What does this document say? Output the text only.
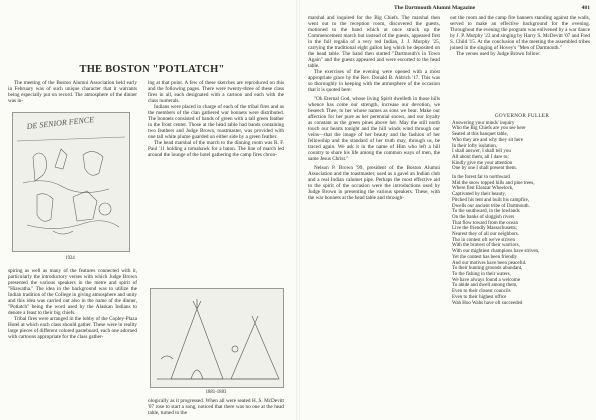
The Dartmouth Alumni Magazine	481
THE BOSTON "POTLATCH"

The meeting of the Boston Alumni Association held early in February was of such unique character that it warrants being especially put on record. The atmosphere of the dinner was in-

DE SENIOR FENCE
1924

spiring as well as many of the features connected with it, particularly the introductory verses with which Judge Brown presented the various speakers in the metre and spirit of "Hiawatha." The idea in the background was to utilize the Indian tradition of the College in giving atmosphere and unity and this idea was carried out also in the name of the dinner, "Potlatch" being the word used by the Alaskan Indians to denote a feast to their big chiefs.

Tribal fires were arranged in the lobby of the Copley-Plaza Hotel at which each class should gather. These were in reality large pieces of different colored pasteboard, each one adorned with cartoons appropriate for the class gather-

ing at that point. A few of these sketches are reproduced on this and the following pages. There were twenty-three of these class fires in all, each designated with a cartoon and each with the class numerals.

Indians were placed in charge of each of the tribal fires and as the members of the clan gathered war bonnets were distributed. The bonnets consisted of bands of green with a tall green feather in the front center. Those at the head table had bands containing two feathers and Judge Brown, toastmaster, was provided with one tall white plume guarded on either side by a green feather.

The head marshal of the march to the dinning room was R. F. Paul '11 holding a tomahawk for a baton. The line of march led around the lounge of the hotel gathering the camp fires chron-

1881-1883

ologically as it progressed. When all were seated H. S. McDevitt '07 rose to start a song, noticed that there was no one at the head table, turned to the

marshal and inquired for the Big Chiefs. The marshal then went out to the reception room, discovered the guests, motioned to the band which at once struck up the Commencement march but instead of the guests, appeared first in the full regalia of a very red Indian, J. J. Murphy '25, carrying the traditional eight gallon keg which he deposited on the head table. The band then started "Dartmouth's in Town Again" and the guests appeared and were escorted to the head table.

The exercises of the evening were opened with a most appropriate grace by the Rev. Donald B. Aldrich '17. This was so thoroughly in keeping with the atmosphere of the occasion that it is quoted here:

"Oh Eternal God, whose living Spirit dwelleth in those hills whence has come our strength, increase our devotion, we beseech Thee, to her whose names as sons we bear. Make our affection for her pure as her perennial snows, and our loyalty as constant as the green pines above her. May the still north touch our hearts tonight and the hill winds wind through our veins—that the image of her beauty and the fashion of her fellowship and the standard of her truth may, through us, be traced again. We ask it in the name of Him who left a hill country to share his life among the common ways of men, the same Jesus Christ."

Nelson P. Brown '99, president of the Boston Alumni Association and the toastmaster, used as a gavel an Indian club and a real Indian calumet pipe. Perhaps the most effective aid to the spirit of the occasion were the introductions used by Judge Brown in presenting the various speakers. These, with the war bonnets at the head table and through-

out the room and the camp fire banners standing against the walls, served to make an effective background for the evening. Throughout the evening the program was enlivened by a war dance by J. P. Murphy '23 and singing by Harry S. McDevitt '07 and Fred S. Child '15. At the conclusion of the meeting the assembled tribes joined in the singing of Hovey's "Men of Dartmouth."

The verses used by Judge Brown follow:

GOVERNOR FULLER
Answering your minds' inquiry
Who the Big Chiefs are you see here
Seated at this banquet table,
Who they are and why they sit here
In their lofty isolation,
I shall answer, I shall tell you
All about them, all I dare to;
Kindly give me your attention
One by one I shall present them.
In the forest far to northward
Mid the snow topped hills and pine trees,
Where first Eleazar Wheelock,
Captivated by their beauty,
Pitched his tent and built his campfire,
Dwells our ancient tribe of Dartmouth.
To the southward, in the lowlands
On the banks of sluggish rivers
That flow toward from the ocean
Live the friendly Massachusetts;
Nearest they of all our neighbors.
Tho in contest oft we've striven
With the bravest of their warriors,
With our mightiest champions have striven,
Yet the contest has been friendly
And our motives have been peaceful.
To their hunting grounds abundant,
To the fishing in their waters,
We have always found a welcome
To abide and dwell among them,
Even to their closest councils
Even to their highest office
Wah Hoo Wahs have oft succeeded
